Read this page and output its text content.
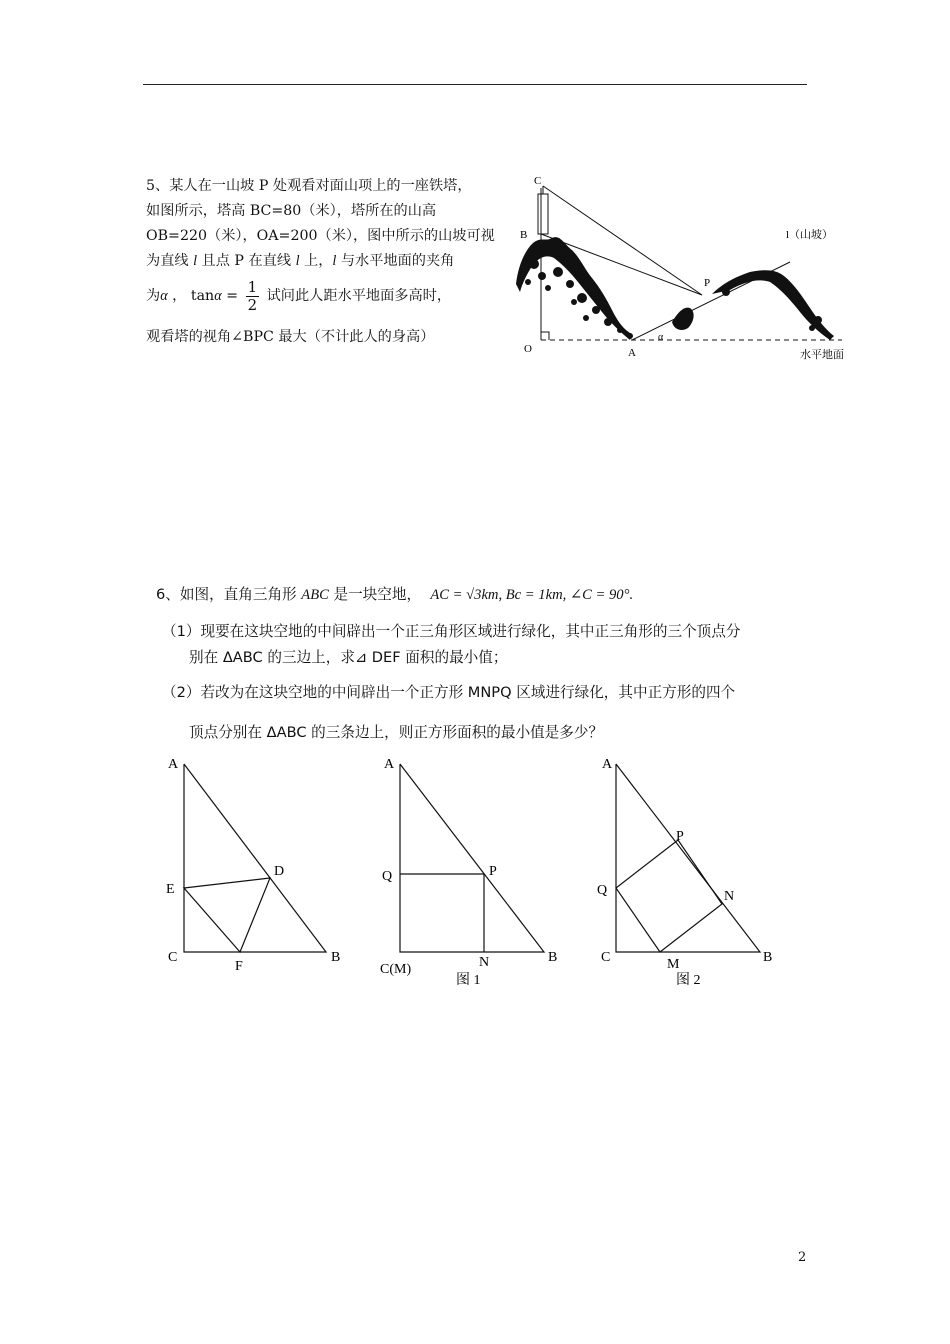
5、某人在一山坡 P 处观看对面山项上的一座铁塔，
如图所示，塔高 BC=80（米），塔所在的山高
OB=220（米），OA=200（米），图中所示的山坡可视
为直线 l 且点 P 在直线 l 上，l 与水平地面的夹角
为α ， $\tan\alpha = \frac{1}{2}$ 试问此人距水平地面多高时，
观看塔的视角∠BPC 最大（不计此人的身高）
C
B
O	A
P
α
l（山坡）
水平地面
6、如图，直角三角形 ABC 是一块空地， AC = √3km, Bc = 1km, ∠C = 90°.
（1）现要在这块空地的中间辟出一个正三角形区域进行绿化，其中正三角形的三个顶点分
别在 ΔABC 的三边上，求⊿ DEF 面积的最小值；
（2）若改为在这块空地的中间辟出一个正方形 MNPQ 区域进行绿化，其中正方形的四个
顶点分别在 ΔABC 的三条边上，则正方形面积的最小值是多少？
A
E
D
C
F
B
A
Q	P
C(M)	N	B
图 1
A
P
Q	N
C	M	B
图 2
2
